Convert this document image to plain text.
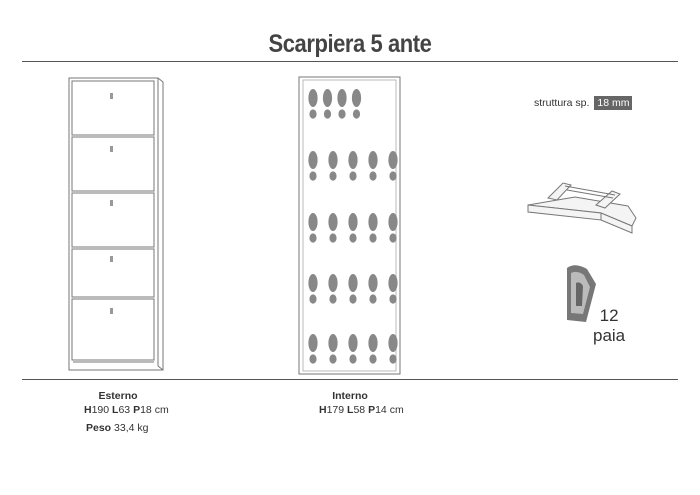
Scarpiera 5 ante
struttura sp. 18 mm
12
paia
Esterno
H190 L63 P18 cm
Peso 33,4 kg
Interno
H179 L58 P14 cm
